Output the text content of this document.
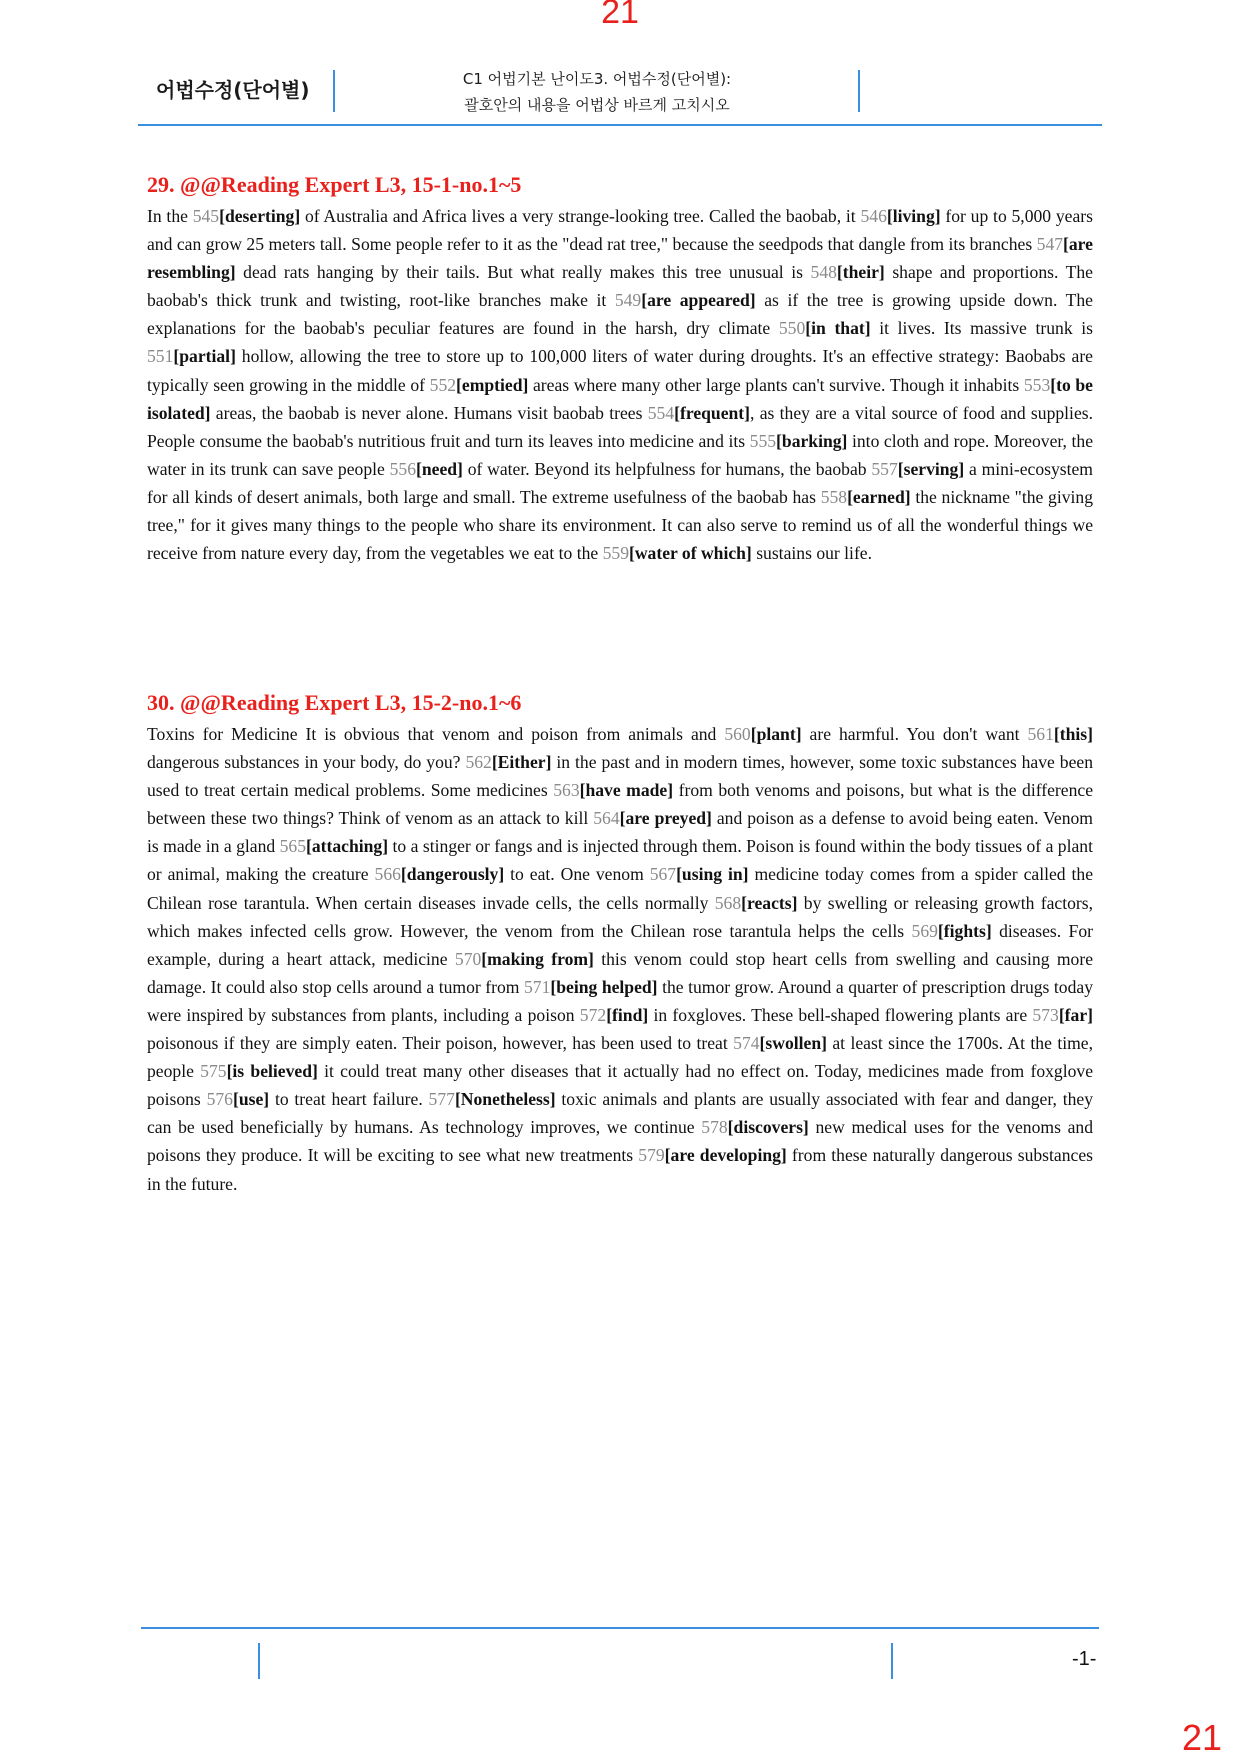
21
어법수정(단어별)	C1 어법기본 난이도3. 어법수정(단어별):
괄호안의 내용을 어법상 바르게 고치시오
29. @@Reading Expert L3, 15-1-no.1~5

In the 545[deserting] of Australia and Africa lives a very strange-looking tree. Called the baobab, it 546[living] for up to 5,000 years and can grow 25 meters tall. Some people refer to it as the "dead rat tree," because the seedpods that dangle from its branches 547[are resembling] dead rats hanging by their tails. But what really makes this tree unusual is 548[their] shape and proportions. The baobab's thick trunk and twisting, root-like branches make it 549[are appeared] as if the tree is growing upside down. The explanations for the baobab's peculiar features are found in the harsh, dry climate 550[in that] it lives. Its massive trunk is 551[partial] hollow, allowing the tree to store up to 100,000 liters of water during droughts. It's an effective strategy: Baobabs are typically seen growing in the middle of 552[emptied] areas where many other large plants can't survive. Though it inhabits 553[to be isolated] areas, the baobab is never alone. Humans visit baobab trees 554[frequent], as they are a vital source of food and supplies. People consume the baobab's nutritious fruit and turn its leaves into medicine and its 555[barking] into cloth and rope. Moreover, the water in its trunk can save people 556[need] of water. Beyond its helpfulness for humans, the baobab 557[serving] a mini-ecosystem for all kinds of desert animals, both large and small. The extreme usefulness of the baobab has 558[earned] the nickname "the giving tree," for it gives many things to the people who share its environment. It can also serve to remind us of all the wonderful things we receive from nature every day, from the vegetables we eat to the 559[water of which] sustains our life.

30. @@Reading Expert L3, 15-2-no.1~6

Toxins for Medicine It is obvious that venom and poison from animals and 560[plant] are harmful. You don't want 561[this] dangerous substances in your body, do you? 562[Either] in the past and in modern times, however, some toxic substances have been used to treat certain medical problems. Some medicines 563[have made] from both venoms and poisons, but what is the difference between these two things? Think of venom as an attack to kill 564[are preyed] and poison as a defense to avoid being eaten. Venom is made in a gland 565[attaching] to a stinger or fangs and is injected through them. Poison is found within the body tissues of a plant or animal, making the creature 566[dangerously] to eat. One venom 567[using in] medicine today comes from a spider called the Chilean rose tarantula. When certain diseases invade cells, the cells normally 568[reacts] by swelling or releasing growth factors, which makes infected cells grow. However, the venom from the Chilean rose tarantula helps the cells 569[fights] diseases. For example, during a heart attack, medicine 570[making from] this venom could stop heart cells from swelling and causing more damage. It could also stop cells around a tumor from 571[being helped] the tumor grow. Around a quarter of prescription drugs today were inspired by substances from plants, including a poison 572[find] in foxgloves. These bell-shaped flowering plants are 573[far] poisonous if they are simply eaten. Their poison, however, has been used to treat 574[swollen] at least since the 1700s. At the time, people 575[is believed] it could treat many other diseases that it actually had no effect on. Today, medicines made from foxglove poisons 576[use] to treat heart failure. 577[Nonetheless] toxic animals and plants are usually associated with fear and danger, they can be used beneficially by humans. As technology improves, we continue 578[discovers] new medical uses for the venoms and poisons they produce. It will be exciting to see what new treatments 579[are developing] from these naturally dangerous substances in the future.

-1-
21
